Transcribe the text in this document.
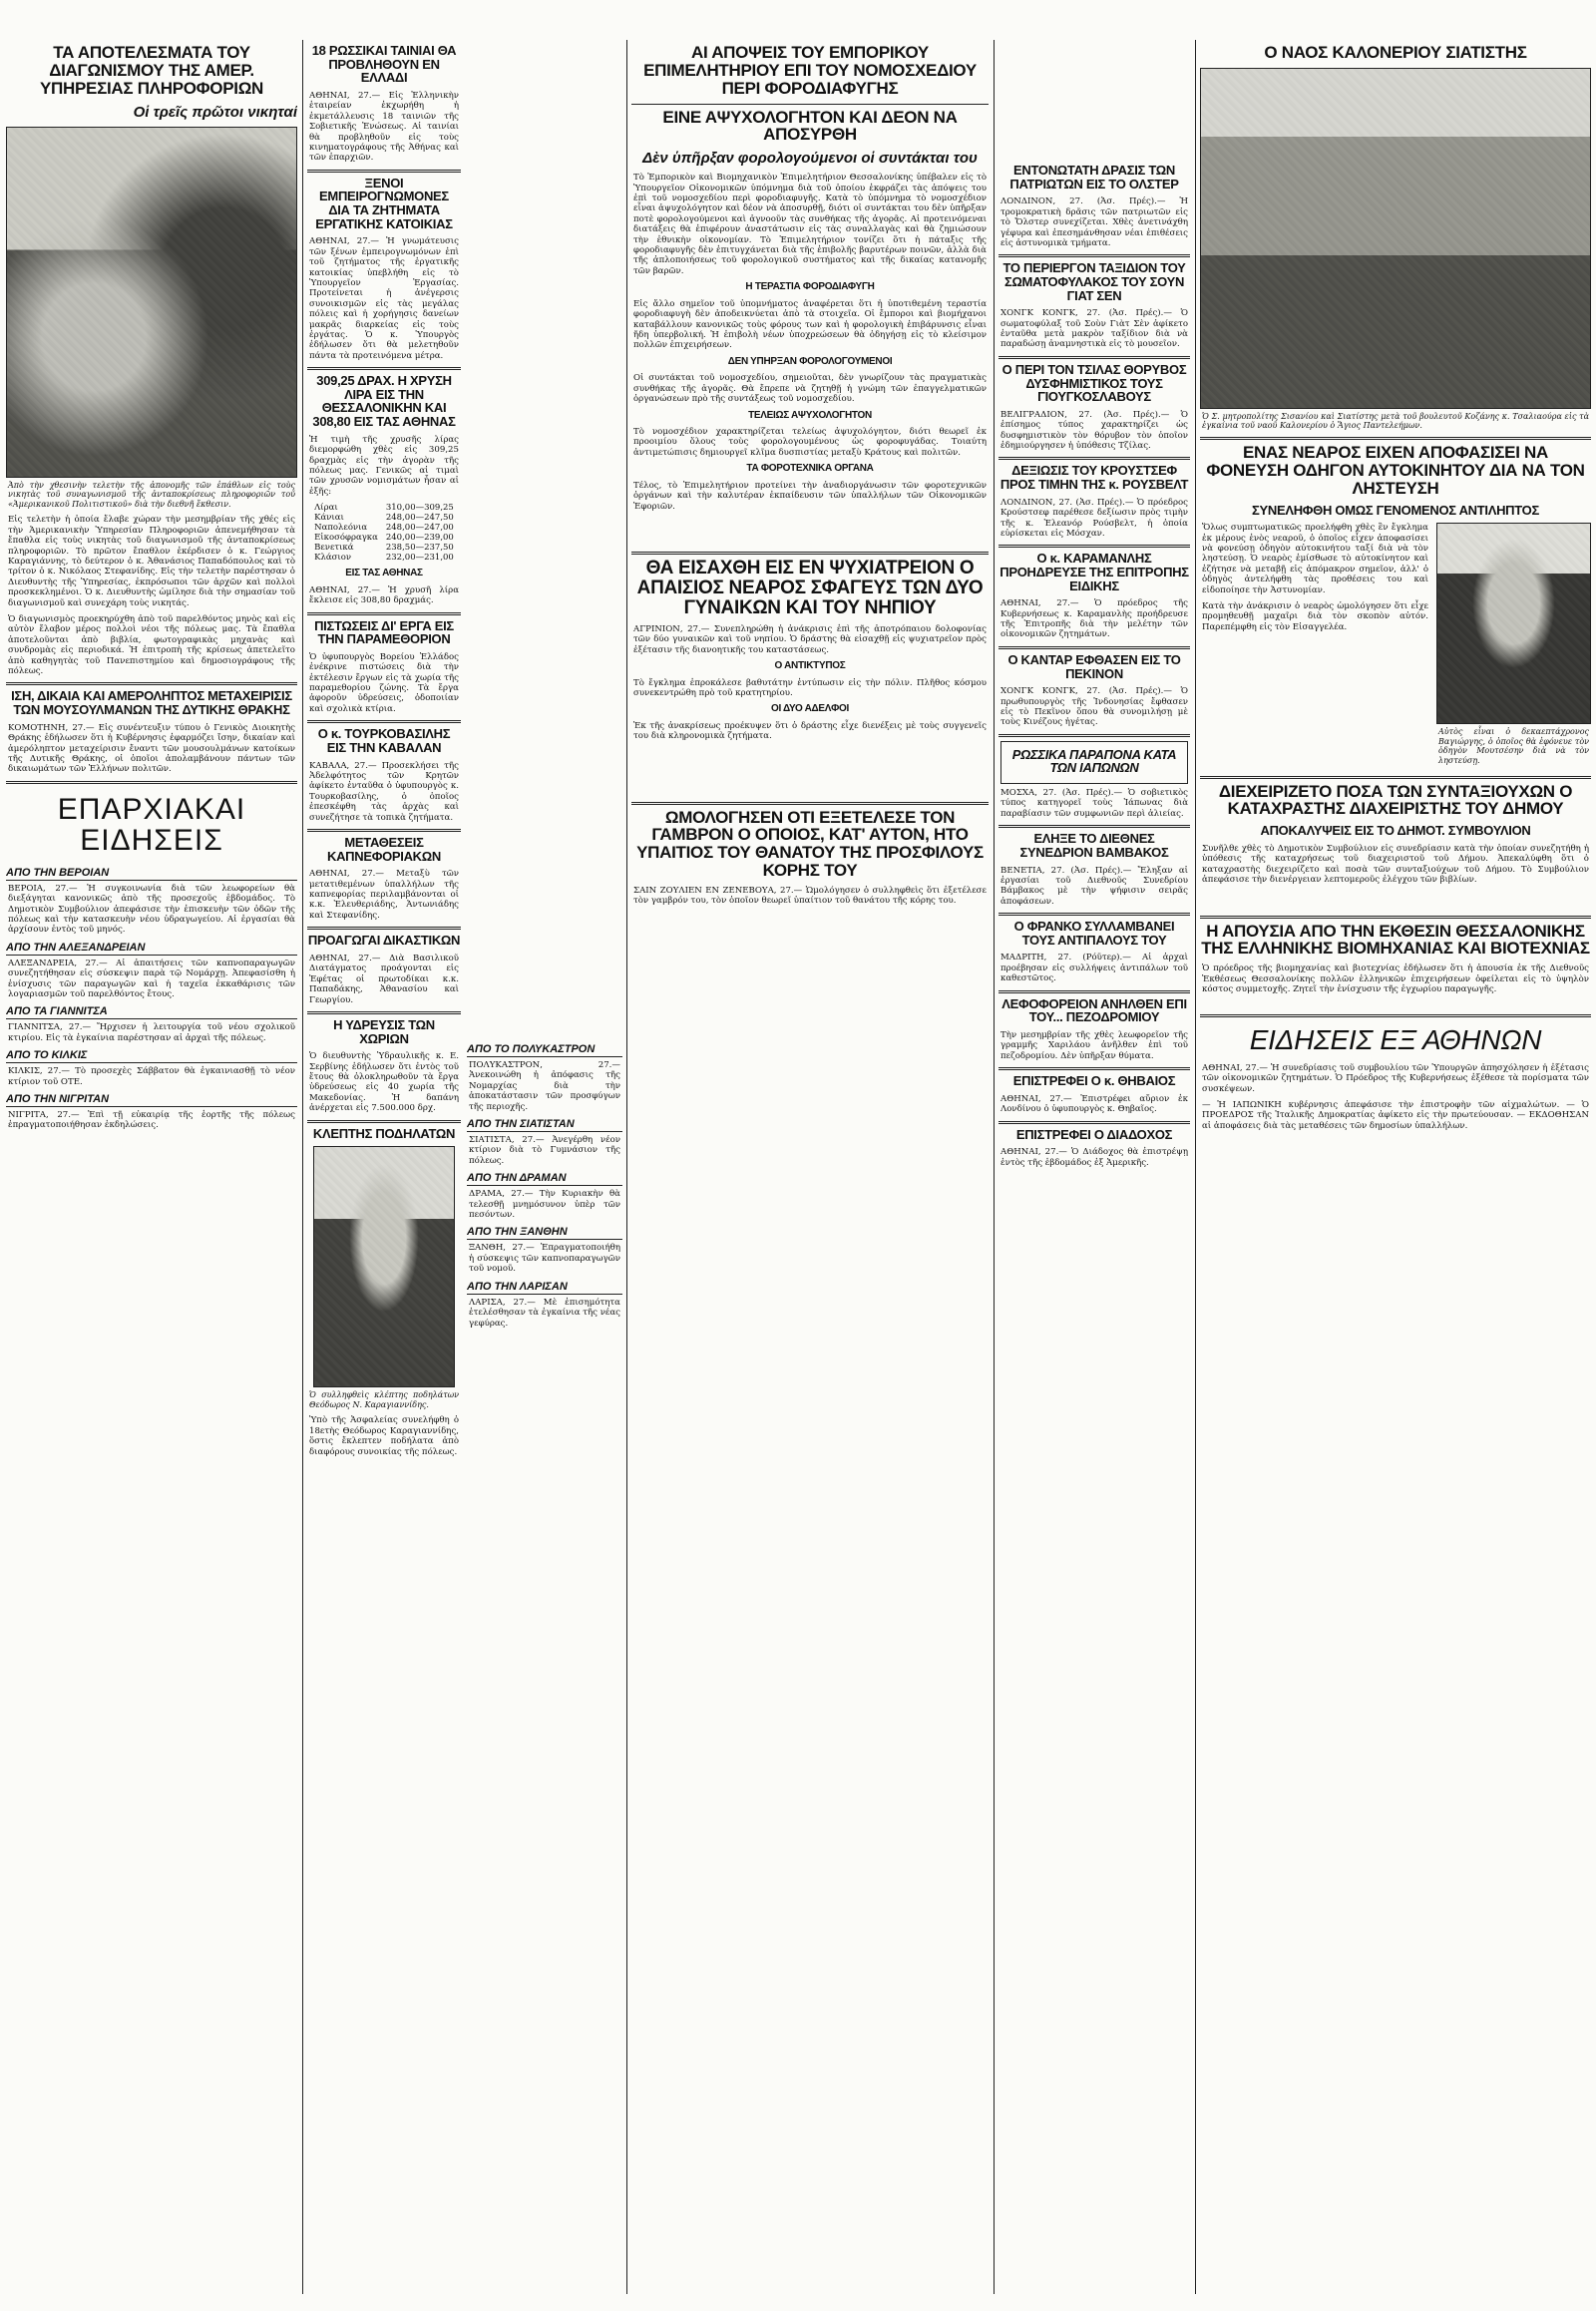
ΤΑ ΑΠΟΤΕΛΕΣΜΑΤΑ ΤΟΥ ΔΙΑΓΩΝΙΣΜΟΥ ΤΗΣ ΑΜΕΡ. ΥΠΗΡΕΣΙΑΣ ΠΛΗΡΟΦΟΡΙΩΝ
Οἱ τρεῖς πρῶτοι νικηταί
Ἀπὸ τὴν χθεσινὴν τελετὴν τῆς ἀπονομῆς τῶν ἐπάθλων εἰς τοὺς νικητὰς τοῦ συναγωνισμοῦ τῆς ἀνταποκρίσεως πληροφοριῶν τοῦ «Ἀμερικανικοῦ Πολιτιστικοῦ» διὰ τὴν διεθνῆ ἔκθεσιν.
Εἰς τελετὴν ἡ ὁποία ἔλαβε χώραν τὴν μεσημβρίαν τῆς χθές εἰς τὴν Ἀμερικανικὴν Ὑπηρεσίαν Πληροφοριῶν ἀπενεμήθησαν τὰ ἔπαθλα εἰς τοὺς νικητὰς τοῦ διαγωνισμοῦ τῆς ἀνταποκρίσεως πληροφοριῶν. Τὸ πρῶτον ἔπαθλον ἐκέρδισεν ὁ κ. Γεώργιος Καραγιάννης, τὸ δεύτερον ὁ κ. Ἀθανάσιος Παπαδόπουλος καὶ τὸ τρίτον ὁ κ. Νικόλαος Στεφανίδης. Εἰς τὴν τελετὴν παρέστησαν ὁ Διευθυντὴς τῆς Ὑπηρεσίας, ἐκπρόσωποι τῶν ἀρχῶν καὶ πολλοὶ προσκεκλημένοι. Ὁ κ. Διευθυντὴς ὡμίλησε διὰ τὴν σημασίαν τοῦ διαγωνισμοῦ καὶ συνεχάρη τοὺς νικητάς.
Ὁ διαγωνισμὸς προεκηρύχθη ἀπὸ τοῦ παρελθόντος μηνὸς καὶ εἰς αὐτὸν ἔλαβον μέρος πολλοὶ νέοι τῆς πόλεως μας. Τὰ ἔπαθλα ἀποτελοῦνται ἀπὸ βιβλία, φωτογραφικὰς μηχανὰς καὶ συνδρομὰς εἰς περιοδικά. Ἡ ἐπιτροπὴ τῆς κρίσεως ἀπετελεῖτο ἀπὸ καθηγητὰς τοῦ Πανεπιστημίου καὶ δημοσιογράφους τῆς πόλεως.
ΙΣΗ, ΔΙΚΑΙΑ ΚΑΙ ΑΜΕΡΟΛΗΠΤΟΣ ΜΕΤΑΧΕΙΡΙΣΙΣ ΤΩΝ ΜΟΥΣΟΥΛΜΑΝΩΝ ΤΗΣ ΔΥΤΙΚΗΣ ΘΡΑΚΗΣ
ΚΟΜΟΤΗΝΗ, 27.— Εἰς συνέντευξιν τύπου ὁ Γενικὸς Διοικητὴς Θράκης ἐδήλωσεν ὅτι ἡ Κυβέρνησις ἐφαρμόζει ἴσην, δικαίαν καὶ ἀμερόληπτον μεταχείρισιν ἔναντι τῶν μουσουλμάνων κατοίκων τῆς Δυτικῆς Θράκης, οἱ ὁποῖοι ἀπολαμβάνουν πάντων τῶν δικαιωμάτων τῶν Ἑλλήνων πολιτῶν.
ΕΠΑΡΧΙΑΚΑΙ ΕΙΔΗΣΕΙΣ
ΑΠΟ ΤΗΝ ΒΕΡΟΙΑΝ
ΒΕΡΟΙΑ, 27.— Ἡ συγκοινωνία διὰ τῶν λεωφορείων θὰ διεξάγηται κανονικῶς ἀπὸ τῆς προσεχοῦς ἑβδομάδος. Τὸ Δημοτικὸν Συμβούλιον ἀπεφάσισε τὴν ἐπισκευὴν τῶν ὁδῶν τῆς πόλεως καὶ τὴν κατασκευὴν νέου ὑδραγωγείου. Αἱ ἐργασίαι θὰ ἀρχίσουν ἐντὸς τοῦ μηνός.
ΑΠΟ ΤΗΝ ΑΛΕΞΑΝΔΡΕΙΑΝ
ΑΛΕΞΑΝΔΡΕΙΑ, 27.— Αἱ ἀπαιτήσεις τῶν καπνοπαραγωγῶν συνεζητήθησαν εἰς σύσκεψιν παρὰ τῷ Νομάρχῃ. Ἀπεφασίσθη ἡ ἐνίσχυσις τῶν παραγωγῶν καὶ ἡ ταχεῖα ἐκκαθάρισις τῶν λογαριασμῶν τοῦ παρελθόντος ἔτους.
ΑΠΟ ΤΑ ΓΙΑΝΝΙΤΣΑ
ΓΙΑΝΝΙΤΣΑ, 27.— Ἤρχισεν ἡ λειτουργία τοῦ νέου σχολικοῦ κτιρίου. Εἰς τὰ ἐγκαίνια παρέστησαν αἱ ἀρχαὶ τῆς πόλεως.
ΑΠΟ ΤΟ ΚΙΛΚΙΣ
ΚΙΛΚΙΣ, 27.— Τὸ προσεχὲς Σάββατον θὰ ἐγκαινιασθῇ τὸ νέον κτίριον τοῦ ΟΤΕ.
ΑΠΟ ΤΗΝ ΝΙΓΡΙΤΑΝ
ΝΙΓΡΙΤΑ, 27.— Ἐπὶ τῇ εὐκαιρίᾳ τῆς ἑορτῆς τῆς πόλεως ἐπραγματοποιήθησαν ἐκδηλώσεις.
18 ΡΩΣΣΙΚΑΙ ΤΑΙΝΙΑΙ ΘΑ ΠΡΟΒΛΗΘΟΥΝ ΕΝ ΕΛΛΑΔΙ
ΑΘΗΝΑΙ, 27.— Εἰς Ἑλληνικὴν ἑταιρείαν ἐκχωρήθη ἡ ἐκμετάλλευσις 18 ταινιῶν τῆς Σοβιετικῆς Ἑνώσεως. Αἱ ταινίαι θὰ προβληθοῦν εἰς τοὺς κινηματογράφους τῆς Ἀθήνας καὶ τῶν ἐπαρχιῶν.
ΞΕΝΟΙ ΕΜΠΕΙΡΟΓΝΩΜΟΝΕΣ ΔΙΑ ΤΑ ΖΗΤΗΜΑΤΑ ΕΡΓΑΤΙΚΗΣ ΚΑΤΟΙΚΙΑΣ
ΑΘΗΝΑΙ, 27.— Ἡ γνωμάτευσις τῶν ξένων ἐμπειρογνωμόνων ἐπὶ τοῦ ζητήματος τῆς ἐργατικῆς κατοικίας ὑπεβλήθη εἰς τὸ Ὑπουργεῖον Ἐργασίας. Προτείνεται ἡ ἀνέγερσις συνοικισμῶν εἰς τὰς μεγάλας πόλεις καὶ ἡ χορήγησις δανείων μακρᾶς διαρκείας εἰς τοὺς ἐργάτας. Ὁ κ. Ὑπουργὸς ἐδήλωσεν ὅτι θὰ μελετηθοῦν πάντα τὰ προτεινόμενα μέτρα.
309,25 ΔΡΑΧ. Η ΧΡΥΣΗ ΛΙΡΑ ΕΙΣ ΤΗΝ ΘΕΣΣΑΛΟΝΙΚΗΝ ΚΑΙ 308,80 ΕΙΣ ΤΑΣ ΑΘΗΝΑΣ
Ἡ τιμὴ τῆς χρυσῆς λίρας διεμορφώθη χθὲς εἰς 309,25 δραχμὰς εἰς τὴν ἀγορὰν τῆς πόλεως μας. Γενικῶς αἱ τιμαὶ τῶν χρυσῶν νομισμάτων ἦσαν αἱ ἑξῆς:
Λίραι	310,00—309,25
Κάνιαι	248,00—247,50
Ναπολεόνια	248,00—247,00
Εἰκοσόφραγκα	240,00—239,00
Βενετικά	238,50—237,50
Κλάσιον	232,00—231,00
ΕΙΣ ΤΑΣ ΑΘΗΝΑΣ
ΑΘΗΝΑΙ, 27.— Ἡ χρυσῆ λίρα ἔκλεισε εἰς 308,80 δραχμάς.
ΠΙΣΤΩΣΕΙΣ ΔΙ' ΕΡΓΑ ΕΙΣ ΤΗΝ ΠΑΡΑΜΕΘΟΡΙΟΝ
Ὁ ὑφυπουργὸς Βορείου Ἑλλάδος ἐνέκρινε πιστώσεις διὰ τὴν ἐκτέλεσιν ἔργων εἰς τὰ χωρία τῆς παραμεθορίου ζώνης. Τὰ ἔργα ἀφοροῦν ὑδρεύσεις, ὁδοποιίαν καὶ σχολικὰ κτίρια.
Ο κ. ΤΟΥΡΚΟΒΑΣΙΛΗΣ ΕΙΣ ΤΗΝ ΚΑΒΑΛΑΝ
ΚΑΒΑΛΑ, 27.— Προσεκλήσει τῆς Ἀδελφότητος τῶν Κρητῶν ἀφίκετο ἐνταῦθα ὁ ὑφυπουργὸς κ. Τουρκοβασίλης, ὁ ὁποῖος ἐπεσκέφθη τὰς ἀρχὰς καὶ συνεζήτησε τὰ τοπικὰ ζητήματα.
ΜΕΤΑΘΕΣΕΙΣ ΚΑΠΝΕΦΟΡΙΑΚΩΝ
ΑΘΗΝΑΙ, 27.— Μεταξὺ τῶν μετατιθεμένων ὑπαλλήλων τῆς καπνεφορίας περιλαμβάνονται οἱ κ.κ. Ἐλευθεριάδης, Ἀντωνιάδης καὶ Στεφανίδης.
ΠΡΟΑΓΩΓΑΙ ΔΙΚΑΣΤΙΚΩΝ
ΑΘΗΝΑΙ, 27.— Διὰ Βασιλικοῦ Διατάγματος προάγονται εἰς Ἐφέτας οἱ πρωτοδίκαι κ.κ. Παπαδάκης, Ἀθανασίου καὶ Γεωργίου.
Η ΥΔΡΕΥΣΙΣ ΤΩΝ ΧΩΡΙΩΝ
Ὁ διευθυντὴς Ὑδραυλικῆς κ. Ε. Σερβίνης ἐδήλωσεν ὅτι ἐντὸς τοῦ ἔτους θὰ ὁλοκληρωθοῦν τὰ ἔργα ὑδρεύσεως εἰς 40 χωρία τῆς Μακεδονίας. Ἡ δαπάνη ἀνέρχεται εἰς 7.500.000 δρχ.
ΚΛΕΠΤΗΣ ΠΟΔΗΛΑΤΩΝ
Ὁ συλληφθεὶς κλέπτης ποδηλάτων Θεόδωρος Ν. Καραγιαννίδης.
Ὑπὸ τῆς Ἀσφαλείας συνελήφθη ὁ 18ετὴς Θεόδωρος Καραγιαννίδης, ὅστις ἔκλεπτεν ποδήλατα ἀπὸ διαφόρους συνοικίας τῆς πόλεως.
ΑΠΟ ΤΟ ΠΟΛΥΚΑΣΤΡΟΝ
ΠΟΛΥΚΑΣΤΡΟΝ, 27.— Ἀνεκοινώθη ἡ ἀπόφασις τῆς Νομαρχίας διὰ τὴν ἀποκατάστασιν τῶν προσφύγων τῆς περιοχῆς.
ΑΠΟ ΤΗΝ ΣΙΑΤΙΣΤΑΝ
ΣΙΑΤΙΣΤΑ, 27.— Ἀνεγέρθη νέον κτίριον διὰ τὸ Γυμνάσιον τῆς πόλεως.
ΑΠΟ ΤΗΝ ΔΡΑΜΑΝ
ΔΡΑΜΑ, 27.— Τὴν Κυριακὴν θὰ τελεσθῇ μνημόσυνον ὑπὲρ τῶν πεσόντων.
ΑΠΟ ΤΗΝ ΞΑΝΘΗΝ
ΞΑΝΘΗ, 27.— Ἐπραγματοποιήθη ἡ σύσκεψις τῶν καπνοπαραγωγῶν τοῦ νομοῦ.
ΑΠΟ ΤΗΝ ΛΑΡΙΣΑΝ
ΛΑΡΙΣΑ, 27.— Μὲ ἐπισημότητα ἐτελέσθησαν τὰ ἐγκαίνια τῆς νέας γεφύρας.
ΑΙ ΑΠΟΨΕΙΣ ΤΟΥ ΕΜΠΟΡΙΚΟΥ ΕΠΙΜΕΛΗΤΗΡΙΟΥ ΕΠΙ ΤΟΥ ΝΟΜΟΣΧΕΔΙΟΥ ΠΕΡΙ ΦΟΡΟΔΙΑΦΥΓΗΣ
ΕΙΝΕ ΑΨΥΧΟΛΟΓΗΤΟΝ ΚΑΙ ΔΕΟΝ ΝΑ ΑΠΟΣΥΡΘΗ
Δὲν ὑπῆρξαν φορολογούμενοι οἱ συντάκται του
Τὸ Ἐμπορικὸν καὶ Βιομηχανικὸν Ἐπιμελητήριον Θεσσαλονίκης ὑπέβαλεν εἰς τὸ Ὑπουργεῖον Οἰκονομικῶν ὑπόμνημα διὰ τοῦ ὁποίου ἐκφράζει τὰς ἀπόψεις του ἐπὶ τοῦ νομοσχεδίου περὶ φοροδιαφυγῆς. Κατὰ τὸ ὑπόμνημα τὸ νομοσχέδιον εἶναι ἀψυχολόγητον καὶ δέον νὰ ἀποσυρθῇ, διότι οἱ συντάκται του δὲν ὑπῆρξαν ποτὲ φορολογούμενοι καὶ ἀγνοοῦν τὰς συνθήκας τῆς ἀγορᾶς. Αἱ προτεινόμεναι διατάξεις θὰ ἐπιφέρουν ἀναστάτωσιν εἰς τὰς συναλλαγὰς καὶ θὰ ζημιώσουν τὴν ἐθνικὴν οἰκονομίαν. Τὸ Ἐπιμελητήριον τονίζει ὅτι ἡ πάταξις τῆς φοροδιαφυγῆς δὲν ἐπιτυγχάνεται διὰ τῆς ἐπιβολῆς βαρυτέρων ποινῶν, ἀλλὰ διὰ τῆς ἀπλοποιήσεως τοῦ φορολογικοῦ συστήματος καὶ τῆς δικαίας κατανομῆς τῶν βαρῶν.
Η ΤΕΡΑΣΤΙΑ ΦΟΡΟΔΙΑΦΥΓΗ
Εἰς ἄλλο σημεῖον τοῦ ὑπομνήματος ἀναφέρεται ὅτι ἡ ὑποτιθεμένη τεραστία φοροδιαφυγὴ δὲν ἀποδεικνύεται ἀπὸ τὰ στοιχεῖα. Οἱ ἔμποροι καὶ βιομήχανοι καταβάλλουν κανονικῶς τοὺς φόρους των καὶ ἡ φορολογικὴ ἐπιβάρυνσις εἶναι ἤδη ὑπερβολική. Ἡ ἐπιβολὴ νέων ὑποχρεώσεων θὰ ὁδηγήσῃ εἰς τὸ κλείσιμον πολλῶν ἐπιχειρήσεων.
ΔΕΝ ΥΠΗΡΞΑΝ ΦΟΡΟΛΟΓΟΥΜΕΝΟΙ
Οἱ συντάκται τοῦ νομοσχεδίου, σημειοῦται, δὲν γνωρίζουν τὰς πραγματικὰς συνθήκας τῆς ἀγορᾶς. Θὰ ἔπρεπε νὰ ζητηθῇ ἡ γνώμη τῶν ἐπαγγελματικῶν ὀργανώσεων πρὸ τῆς συντάξεως τοῦ νομοσχεδίου.
ΤΕΛΕΙΩΣ ΑΨΥΧΟΛΟΓΗΤΟΝ
Τὸ νομοσχέδιον χαρακτηρίζεται τελείως ἀψυχολόγητον, διότι θεωρεῖ ἐκ προοιμίου ὅλους τοὺς φορολογουμένους ὡς φοροφυγάδας. Τοιαύτη ἀντιμετώπισις δημιουργεῖ κλῖμα δυσπιστίας μεταξὺ Κράτους καὶ πολιτῶν.
ΤΑ ΦΟΡΟΤΕΧΝΙΚΑ ΟΡΓΑΝΑ
Τέλος, τὸ Ἐπιμελητήριον προτείνει τὴν ἀναδιοργάνωσιν τῶν φοροτεχνικῶν ὀργάνων καὶ τὴν καλυτέραν ἐκπαίδευσιν τῶν ὑπαλλήλων τῶν Οἰκονομικῶν Ἐφοριῶν.
ΘΑ ΕΙΣΑΧΘΗ ΕΙΣ ΕΝ ΨΥΧΙΑΤΡΕΙΟΝ Ο ΑΠΑΙΣΙΟΣ ΝΕΑΡΟΣ ΣΦΑΓΕΥΣ ΤΩΝ ΔΥΟ ΓΥΝΑΙΚΩΝ ΚΑΙ ΤΟΥ ΝΗΠΙΟΥ
ΑΓΡΙΝΙΟΝ, 27.— Συνεπληρώθη ἡ ἀνάκρισις ἐπὶ τῆς ἀποτρόπαιου δολοφονίας τῶν δύο γυναικῶν καὶ τοῦ νηπίου. Ὁ δράστης θὰ εἰσαχθῇ εἰς ψυχιατρεῖον πρὸς ἐξέτασιν τῆς διανοητικῆς του καταστάσεως.
Ο ΑΝΤΙΚΤΥΠΟΣ
Τὸ ἔγκλημα ἐπροκάλεσε βαθυτάτην ἐντύπωσιν εἰς τὴν πόλιν. Πλῆθος κόσμου συνεκεντρώθη πρὸ τοῦ κρατητηρίου.
ΟΙ ΔΥΟ ΑΔΕΛΦΟΙ
Ἐκ τῆς ἀνακρίσεως προέκυψεν ὅτι ὁ δράστης εἶχε διενέξεις μὲ τοὺς συγγενεῖς του διὰ κληρονομικὰ ζητήματα.
ΩΜΟΛΟΓΗΣΕΝ ΟΤΙ ΕΞΕΤΕΛΕΣΕ ΤΟΝ ΓΑΜΒΡΟΝ Ο ΟΠΟΙΟΣ, ΚΑΤ' ΑΥΤΟΝ, ΗΤΟ ΥΠΑΙΤΙΟΣ ΤΟΥ ΘΑΝΑΤΟΥ ΤΗΣ ΠΡΟΣΦΙΛΟΥΣ ΚΟΡΗΣ ΤΟΥ
ΣΑΙΝ ΖΟΥΛΙΕΝ ΕΝ ΖΕΝΕΒΟΥΑ, 27.— Ὡμολόγησεν ὁ συλληφθεὶς ὅτι ἐξετέλεσε τὸν γαμβρόν του, τὸν ὁποῖον θεωρεῖ ὑπαίτιον τοῦ θανάτου τῆς κόρης του.
ΕΝΤΟΝΩΤΑΤΗ ΔΡΑΣΙΣ ΤΩΝ ΠΑΤΡΙΩΤΩΝ ΕΙΣ ΤΟ ΟΛΣΤΕΡ
ΛΟΝΔΙΝΟΝ, 27. (Ἀσ. Πρές).— Ἡ τρομοκρατικὴ δρᾶσις τῶν πατριωτῶν εἰς τὸ Ὄλστερ συνεχίζεται. Χθὲς ἀνετινάχθη γέφυρα καὶ ἐπεσημάνθησαν νέαι ἐπιθέσεις εἰς ἀστυνομικὰ τμήματα.
ΤΟ ΠΕΡΙΕΡΓΟΝ ΤΑΞΙΔΙΟΝ ΤΟΥ ΣΩΜΑΤΟΦΥΛΑΚΟΣ ΤΟΥ ΣΟΥΝ ΓΙΑΤ ΣΕΝ
ΧΟΝΓΚ ΚΟΝΓΚ, 27. (Ἀσ. Πρές).— Ὁ σωματοφύλαξ τοῦ Σοὺν Γιὰτ Σὲν ἀφίκετο ἐνταῦθα μετὰ μακρὸν ταξίδιον διὰ νὰ παραδώσῃ ἀναμνηστικὰ εἰς τὸ μουσεῖον.
Ο ΠΕΡΙ ΤΟΝ ΤΣΙΛΑΣ ΘΟΡΥΒΟΣ ΔΥΣΦΗΜΙΣΤΙΚΟΣ ΤΟΥΣ ΓΙΟΥΓΚΟΣΛΑΒΟΥΣ
ΒΕΛΙΓΡΑΔΙΟΝ, 27. (Ἀσ. Πρές).— Ὁ ἐπίσημος τύπος χαρακτηρίζει ὡς δυσφημιστικὸν τὸν θόρυβον τὸν ὁποῖον ἐδημιούργησεν ἡ ὑπόθεσις Τζίλας.
ΔΕΞΙΩΣΙΣ ΤΟΥ ΚΡΟΥΣΤΣΕΦ ΠΡΟΣ ΤΙΜΗΝ ΤΗΣ κ. ΡΟΥΣΒΕΛΤ
ΛΟΝΔΙΝΟΝ, 27. (Ἀσ. Πρές).— Ὁ πρόεδρος Κρούστσεφ παρέθεσε δεξίωσιν πρὸς τιμὴν τῆς κ. Ἐλεανόρ Ρούσβελτ, ἡ ὁποία εὑρίσκεται εἰς Μόσχαν.
Ο κ. ΚΑΡΑΜΑΝΛΗΣ ΠΡΟΗΔΡΕΥΣΕ ΤΗΣ ΕΠΙΤΡΟΠΗΣ ΕΙΔΙΚΗΣ
ΑΘΗΝΑΙ, 27.— Ὁ πρόεδρος τῆς Κυβερνήσεως κ. Καραμανλὴς προήδρευσε τῆς Ἐπιτροπῆς διὰ τὴν μελέτην τῶν οἰκονομικῶν ζητημάτων.
Ο ΚΑΝΤΑΡ ΕΦΘΑΣΕΝ ΕΙΣ ΤΟ ΠΕΚΙΝΟΝ
ΧΟΝΓΚ ΚΟΝΓΚ, 27. (Ἀσ. Πρές).— Ὁ πρωθυπουργὸς τῆς Ἰνδονησίας ἔφθασεν εἰς τὸ Πεκῖνον ὅπου θὰ συνομιλήσῃ μὲ τοὺς Κινέζους ἡγέτας.
ΡΩΣΣΙΚΑ ΠΑΡΑΠΟΝΑ ΚΑΤΑ ΤΩΝ ΙΑΠΩΝΩΝ
ΜΟΣΧΑ, 27. (Ἀσ. Πρές).— Ὁ σοβιετικὸς τύπος κατηγορεῖ τοὺς Ἰάπωνας διὰ παραβίασιν τῶν συμφωνιῶν περὶ ἁλιείας.
ΕΛΗΞΕ ΤΟ ΔΙΕΘΝΕΣ ΣΥΝΕΔΡΙΟΝ ΒΑΜΒΑΚΟΣ
ΒΕΝΕΤΙΑ, 27. (Ἀσ. Πρές).— Ἔληξαν αἱ ἐργασίαι τοῦ Διεθνοῦς Συνεδρίου Βάμβακος μὲ τὴν ψήφισιν σειρᾶς ἀποφάσεων.
Ο ΦΡΑΝΚΟ ΣΥΛΛΑΜΒΑΝΕΙ ΤΟΥΣ ΑΝΤΙΠΑΛΟΥΣ ΤΟΥ
ΜΑΔΡΙΤΗ, 27. (Ρόϋτερ).— Αἱ ἀρχαὶ προέβησαν εἰς συλλήψεις ἀντιπάλων τοῦ καθεστῶτος.
ΛΕΦΟΦΟΡΕΙΟΝ ΑΝΗΛΘΕΝ ΕΠΙ ΤΟΥ... ΠΕΖΟΔΡΟΜΙΟΥ
Τὴν μεσημβρίαν τῆς χθὲς λεωφορεῖον τῆς γραμμῆς Χαριλάου ἀνῆλθεν ἐπὶ τοῦ πεζοδρομίου. Δὲν ὑπῆρξαν θύματα.
ΕΠΙΣΤΡΕΦΕΙ Ο κ. ΘΗΒΑΙΟΣ
ΑΘΗΝΑΙ, 27.— Ἐπιστρέφει αὔριον ἐκ Λονδίνου ὁ ὑφυπουργὸς κ. Θηβαῖος.
ΕΠΙΣΤΡΕΦΕΙ Ο ΔΙΑΔΟΧΟΣ
ΑΘΗΝΑΙ, 27.— Ὁ Διάδοχος θὰ ἐπιστρέψῃ ἐντὸς τῆς ἑβδομάδος ἐξ Ἀμερικῆς.
Ο ΝΑΟΣ ΚΑΛΟΝΕΡΙΟΥ ΣΙΑΤΙΣΤΗΣ
Ὁ Σ. μητροπολίτης Σισανίου καὶ Σιατίστης μετὰ τοῦ βουλευτοῦ Κοζάνης κ. Τσαλιαούρα εἰς τὰ ἐγκαίνια τοῦ ναοῦ Καλονερίου ὁ Ἅγιος Παντελεήμων.
ΕΝΑΣ ΝΕΑΡΟΣ ΕΙΧΕΝ ΑΠΟΦΑΣΙΣΕΙ ΝΑ ΦΟΝΕΥΣΗ ΟΔΗΓΟΝ ΑΥΤΟΚΙΝΗΤΟΥ ΔΙΑ ΝΑ ΤΟΝ ΛΗΣΤΕΥΣΗ
ΣΥΝΕΛΗΦΘΗ ΟΜΩΣ ΓΕΝΟΜΕΝΟΣ ΑΝΤΙΛΗΠΤΟΣ
Ὅλως συμπτωματικῶς προελήφθη χθὲς ἓν ἔγκλημα ἐκ μέρους ἑνὸς νεαροῦ, ὁ ὁποῖος εἶχεν ἀποφασίσει νὰ φονεύσῃ ὁδηγὸν αὐτοκινήτου ταξί διὰ νὰ τὸν ληστεύσῃ. Ὁ νεαρὸς ἐμίσθωσε τὸ αὐτοκίνητον καὶ ἐζήτησε νὰ μεταβῇ εἰς ἀπόμακρον σημεῖον, ἀλλ' ὁ ὁδηγὸς ἀντελήφθη τὰς προθέσεις του καὶ εἰδοποίησε τὴν Ἀστυνομίαν.
Κατὰ τὴν ἀνάκρισιν ὁ νεαρὸς ὡμολόγησεν ὅτι εἶχε προμηθευθῇ μαχαῖρι διὰ τὸν σκοπὸν αὐτόν. Παρεπέμφθη εἰς τὸν Εἰσαγγελέα.
Αὐτὸς εἶναι ὁ δεκαεπτάχρονος Βαγιώργης, ὁ ὁποῖος θὰ ἐφόνευε τὸν ὁδηγὸν Μουτσέσην διὰ νὰ τὸν ληστεύσῃ.
ΔΙΕΧΕΙΡΙΖΕΤΟ ΠΟΣΑ ΤΩΝ ΣΥΝΤΑΞΙΟΥΧΩΝ Ο ΚΑΤΑΧΡΑΣΤΗΣ ΔΙΑΧΕΙΡΙΣΤΗΣ ΤΟΥ ΔΗΜΟΥ
ΑΠΟΚΑΛΥΨΕΙΣ ΕΙΣ ΤΟ ΔΗΜΟΤ. ΣΥΜΒΟΥΛΙΟΝ
Συνῆλθε χθὲς τὸ Δημοτικὸν Συμβούλιον εἰς συνεδρίασιν κατὰ τὴν ὁποίαν συνεζητήθη ἡ ὑπόθεσις τῆς καταχρήσεως τοῦ διαχειριστοῦ τοῦ Δήμου. Ἀπεκαλύφθη ὅτι ὁ καταχραστὴς διεχειρίζετο καὶ ποσὰ τῶν συνταξιούχων τοῦ Δήμου. Τὸ Συμβούλιον ἀπεφάσισε τὴν διενέργειαν λεπτομεροῦς ἐλέγχου τῶν βιβλίων.
Η ΑΠΟΥΣΙΑ ΑΠΟ ΤΗΝ ΕΚΘΕΣΙΝ ΘΕΣΣΑΛΟΝΙΚΗΣ ΤΗΣ ΕΛΛΗΝΙΚΗΣ ΒΙΟΜΗΧΑΝΙΑΣ ΚΑΙ ΒΙΟΤΕΧΝΙΑΣ
Ὁ πρόεδρος τῆς βιομηχανίας καὶ βιοτεχνίας ἐδήλωσεν ὅτι ἡ ἀπουσία ἐκ τῆς Διεθνοῦς Ἐκθέσεως Θεσσαλονίκης πολλῶν ἑλληνικῶν ἐπιχειρήσεων ὀφείλεται εἰς τὸ ὑψηλὸν κόστος συμμετοχῆς. Ζητεῖ τὴν ἐνίσχυσιν τῆς ἐγχωρίου παραγωγῆς.
ΕΙΔΗΣΕΙΣ ΕΞ ΑΘΗΝΩΝ
ΑΘΗΝΑΙ, 27.— Ἡ συνεδρίασις τοῦ συμβουλίου τῶν Ὑπουργῶν ἀπησχόλησεν ἡ ἐξέτασις τῶν οἰκονομικῶν ζητημάτων. Ὁ Πρόεδρος τῆς Κυβερνήσεως ἐξέθεσε τὰ πορίσματα τῶν συσκέψεων.
— Ἡ ΙΑΠΩΝΙΚΗ κυβέρνησις ἀπεφάσισε τὴν ἐπιστροφὴν τῶν αἰχμαλώτων. — Ὁ ΠΡΟΕΔΡΟΣ τῆς Ἰταλικῆς Δημοκρατίας ἀφίκετο εἰς τὴν πρωτεύουσαν. — ΕΚΔΟΘΗΣΑΝ αἱ ἀποφάσεις διὰ τὰς μεταθέσεις τῶν δημοσίων ὑπαλλήλων.
